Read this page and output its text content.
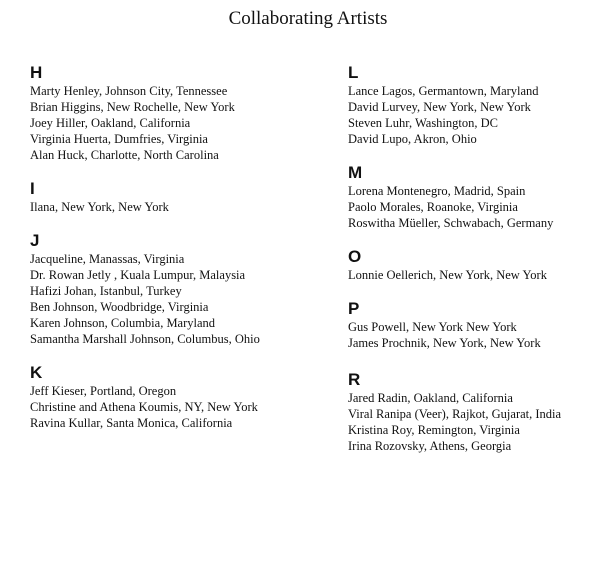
Collaborating Artists
H
Marty Henley, Johnson City, Tennessee
Brian Higgins, New Rochelle, New York
Joey Hiller, Oakland, California
Virginia Huerta, Dumfries, Virginia
Alan Huck, Charlotte, North Carolina
I
Ilana, New York, New York
J
Jacqueline, Manassas, Virginia
Dr. Rowan Jetly , Kuala Lumpur, Malaysia
Hafizi Johan, Istanbul, Turkey
Ben Johnson, Woodbridge, Virginia
Karen Johnson, Columbia, Maryland
Samantha Marshall Johnson, Columbus, Ohio
K
Jeff Kieser, Portland, Oregon
Christine and Athena Koumis, NY, New York
Ravina Kullar, Santa Monica, California
L
Lance Lagos, Germantown, Maryland
David Lurvey, New York, New York
Steven Luhr, Washington, DC
David Lupo, Akron, Ohio
M
Lorena Montenegro, Madrid, Spain
Paolo Morales, Roanoke, Virginia
Roswitha Müeller, Schwabach, Germany
O
Lonnie Oellerich, New York, New York
P
Gus Powell, New York New York
James Prochnik, New York, New York
R
Jared Radin, Oakland, California
Viral Ranipa (Veer), Rajkot, Gujarat, India
Kristina Roy, Remington, Virginia
Irina Rozovsky, Athens, Georgia
